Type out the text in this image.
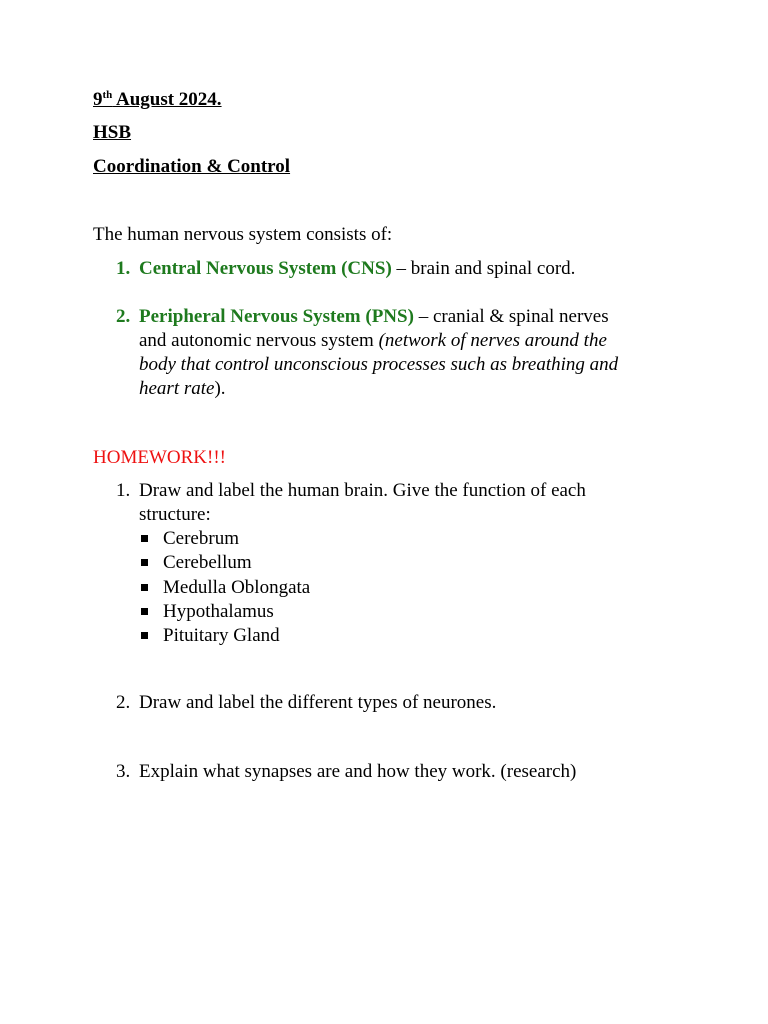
9th August 2024.
HSB
Coordination & Control
The human nervous system consists of:
1. Central Nervous System (CNS) – brain and spinal cord.
2. Peripheral Nervous System (PNS) – cranial & spinal nerves
and autonomic nervous system (network of nerves around the
body that control unconscious processes such as breathing and
heart rate).
HOMEWORK!!!
1. Draw and label the human brain. Give the function of each
structure:
Cerebrum
Cerebellum
Medulla Oblongata
Hypothalamus
Pituitary Gland
2. Draw and label the different types of neurones.
3. Explain what synapses are and how they work. (research)
